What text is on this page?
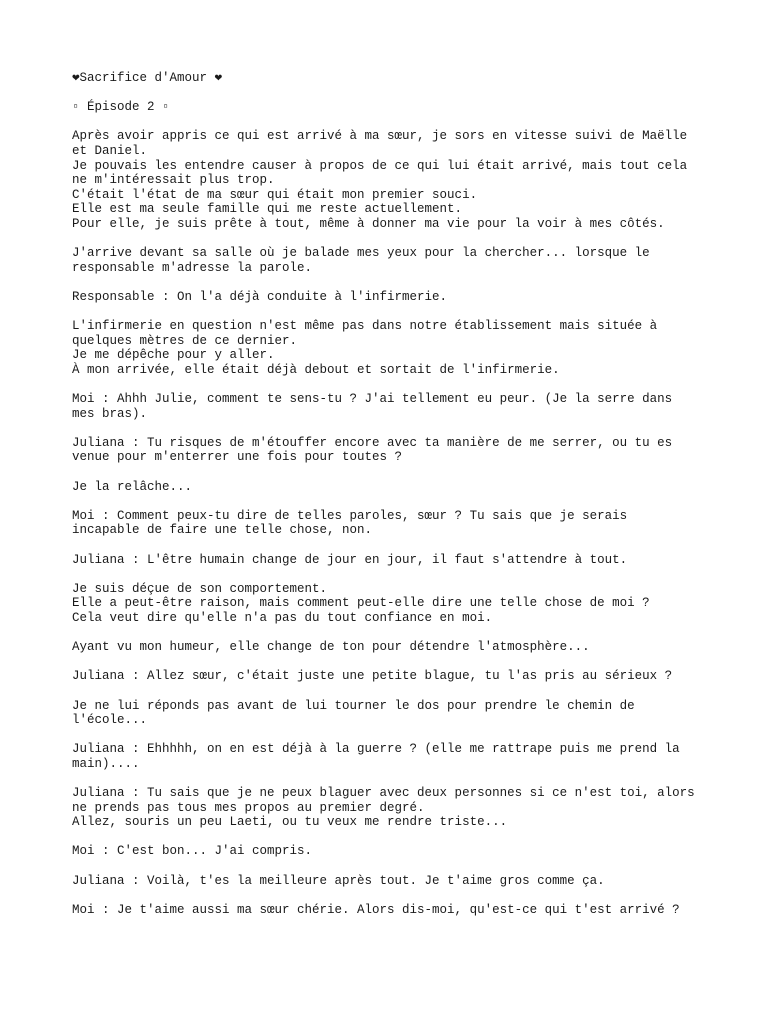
❤Sacrifice d'Amour ❤
▫ Épisode 2 ▫
Après avoir appris ce qui est arrivé à ma sœur, je sors en vitesse suivi de Maëlle
et Daniel.
Je pouvais les entendre causer à propos de ce qui lui était arrivé, mais tout cela
ne m'intéressait plus trop.
C'était l'état de ma sœur qui était mon premier souci.
Elle est ma seule famille qui me reste actuellement.
Pour elle, je suis prête à tout, même à donner ma vie pour la voir à mes côtés.
J'arrive devant sa salle où je balade mes yeux pour la chercher... lorsque le
responsable m'adresse la parole.
Responsable : On l'a déjà conduite à l'infirmerie.
L'infirmerie en question n'est même pas dans notre établissement mais située à
quelques mètres de ce dernier.
Je me dépêche pour y aller.
À mon arrivée, elle était déjà debout et sortait de l'infirmerie.
Moi : Ahhh Julie, comment te sens-tu ? J'ai tellement eu peur. (Je la serre dans
mes bras).
Juliana : Tu risques de m'étouffer encore avec ta manière de me serrer, ou tu es
venue pour m'enterrer une fois pour toutes ?
Je la relâche...
Moi : Comment peux-tu dire de telles paroles, sœur ? Tu sais que je serais
incapable de faire une telle chose, non.
Juliana : L'être humain change de jour en jour, il faut s'attendre à tout.
Je suis déçue de son comportement.
Elle a peut-être raison, mais comment peut-elle dire une telle chose de moi ?
Cela veut dire qu'elle n'a pas du tout confiance en moi.
Ayant vu mon humeur, elle change de ton pour détendre l'atmosphère...
Juliana : Allez sœur, c'était juste une petite blague, tu l'as pris au sérieux ?
Je ne lui réponds pas avant de lui tourner le dos pour prendre le chemin de
l'école...
Juliana : Ehhhhh, on en est déjà à la guerre ? (elle me rattrape puis me prend la
main)....
Juliana : Tu sais que je ne peux blaguer avec deux personnes si ce n'est toi, alors
ne prends pas tous mes propos au premier degré.
Allez, souris un peu Laeti, ou tu veux me rendre triste...
Moi : C'est bon... J'ai compris.
Juliana : Voilà, t'es la meilleure après tout. Je t'aime gros comme ça.
Moi : Je t'aime aussi ma sœur chérie. Alors dis-moi, qu'est-ce qui t'est arrivé ?
